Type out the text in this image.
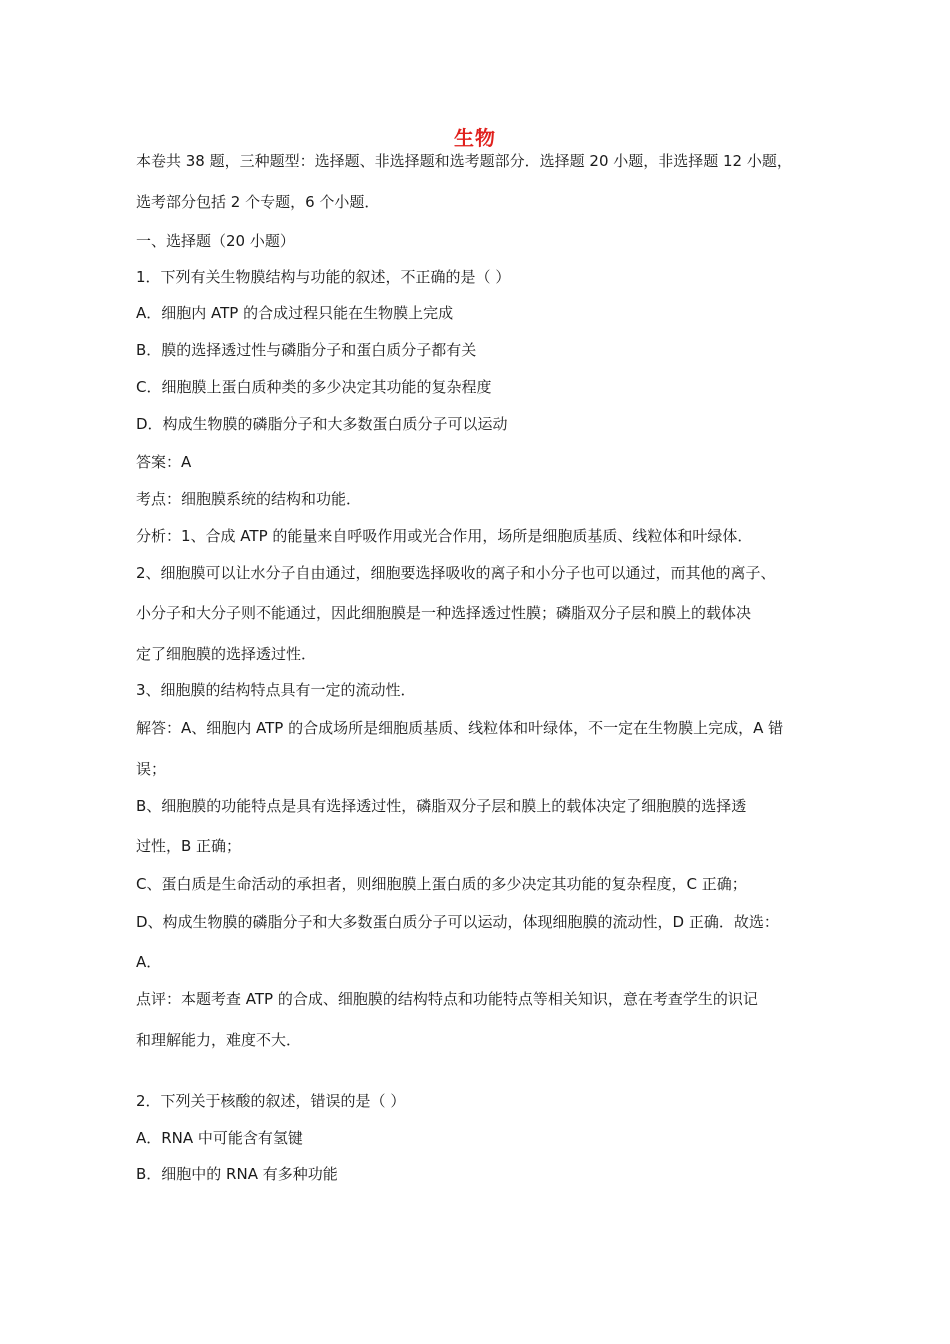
生物
本卷共 38 题，三种题型：选择题、非选择题和选考题部分．选择题 20 小题，非选择题 12 小题，
选考部分包括 2 个专题，6 个小题．
一、选择题（20 小题）
1．下列有关生物膜结构与功能的叙述，不正确的是（ ）
A．细胞内 ATP 的合成过程只能在生物膜上完成
B．膜的选择透过性与磷脂分子和蛋白质分子都有关
C．细胞膜上蛋白质种类的多少决定其功能的复杂程度
D．构成生物膜的磷脂分子和大多数蛋白质分子可以运动
答案：A
考点：细胞膜系统的结构和功能．
分析：1、合成 ATP 的能量来自呼吸作用或光合作用，场所是细胞质基质、线粒体和叶绿体．
2、细胞膜可以让水分子自由通过，细胞要选择吸收的离子和小分子也可以通过，而其他的离子、
小分子和大分子则不能通过，因此细胞膜是一种选择透过性膜；磷脂双分子层和膜上的载体决
定了细胞膜的选择透过性．
3、细胞膜的结构特点具有一定的流动性．
解答：A、细胞内 ATP 的合成场所是细胞质基质、线粒体和叶绿体，不一定在生物膜上完成，A 错
误；
B、细胞膜的功能特点是具有选择透过性，磷脂双分子层和膜上的载体决定了细胞膜的选择透
过性，B 正确；
C、蛋白质是生命活动的承担者，则细胞膜上蛋白质的多少决定其功能的复杂程度，C 正确；
D、构成生物膜的磷脂分子和大多数蛋白质分子可以运动，体现细胞膜的流动性，D 正确．故选：
A．
点评：本题考查 ATP 的合成、细胞膜的结构特点和功能特点等相关知识，意在考查学生的识记
和理解能力，难度不大．
2．下列关于核酸的叙述，错误的是（ ）
A．RNA 中可能含有氢键
B．细胞中的 RNA 有多种功能
